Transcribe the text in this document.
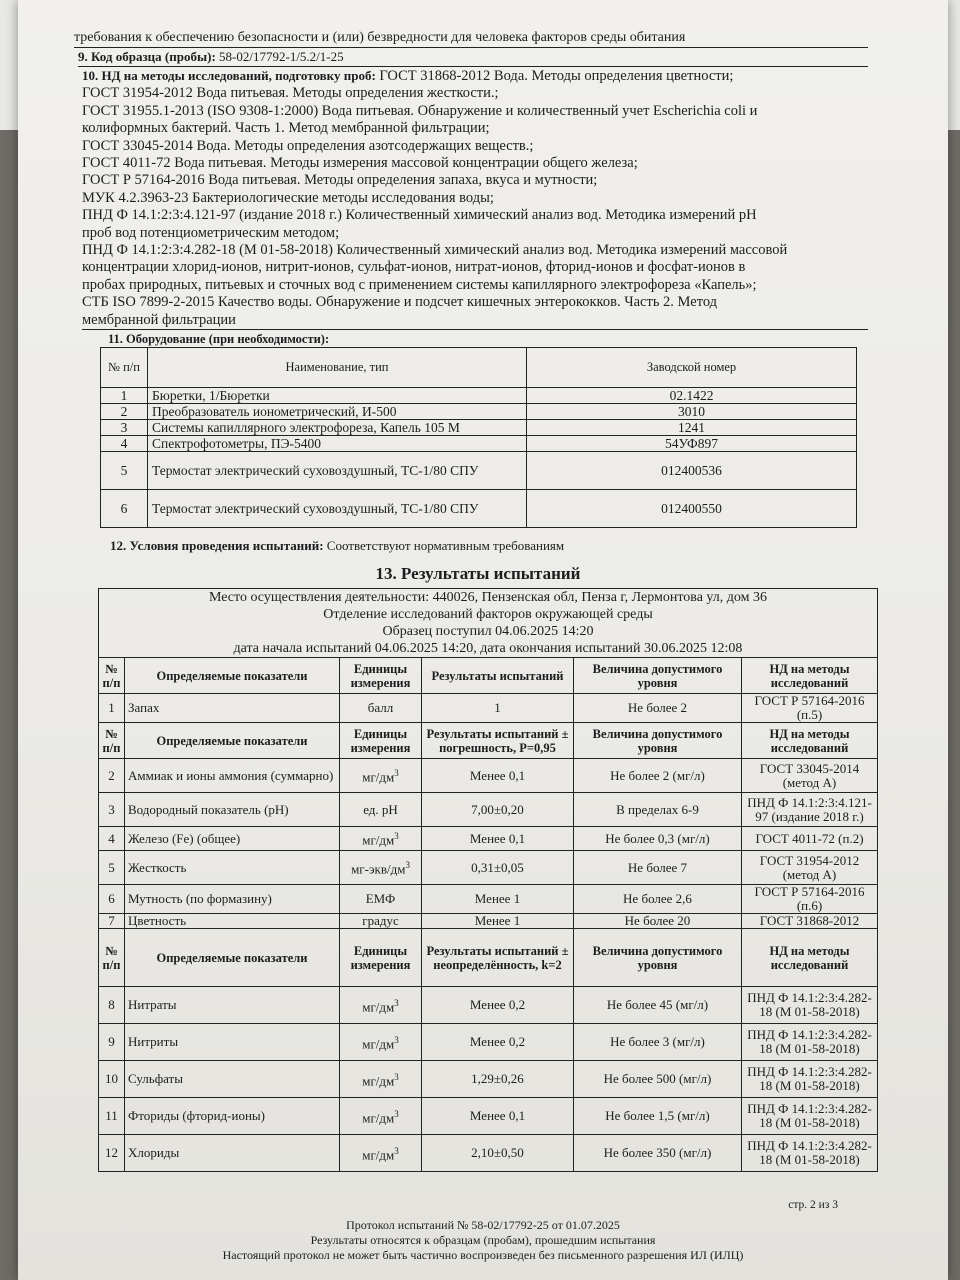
требования к обеспечению безопасности и (или) безвредности для человека факторов среды обитания
9. Код образца (пробы): 58-02/17792-1/5.2/1-25
10. НД на методы исследований, подготовку проб: ГОСТ 31868-2012 Вода. Методы определения цветности;
ГОСТ 31954-2012 Вода питьевая. Методы определения жесткости.;
ГОСТ 31955.1-2013 (ISO 9308-1:2000) Вода питьевая. Обнаружение и количественный учет Escherichia coli и
колиформных бактерий. Часть 1. Метод мембранной фильтрации;
ГОСТ 33045-2014 Вода. Методы определения азотсодержащих веществ.;
ГОСТ 4011-72 Вода питьевая. Методы измерения массовой концентрации общего железа;
ГОСТ Р 57164-2016 Вода питьевая. Методы определения запаха, вкуса и мутности;
МУК 4.2.3963-23 Бактериологические методы исследования воды;
ПНД Ф 14.1:2:3:4.121-97 (издание 2018 г.) Количественный химический анализ вод. Методика измерений pH
проб вод потенциометрическим методом;
ПНД Ф 14.1:2:3:4.282-18 (М 01-58-2018) Количественный химический анализ вод. Методика измерений массовой
концентрации хлорид-ионов, нитрит-ионов, сульфат-ионов, нитрат-ионов, фторид-ионов и фосфат-ионов в
пробах природных, питьевых и сточных вод с применением системы капиллярного электрофореза «Капель»;
СТБ ISO 7899-2-2015 Качество воды. Обнаружение и подсчет кишечных энтерококков. Часть 2. Метод
мембранной фильтрации
11. Оборудование (при необходимости):
№ п/п	Наименование, тип	Заводской номер
1	Бюретки, 1/Бюретки	02.1422
2	Преобразователь ионометрический, И-500	3010
3	Системы капиллярного электрофореза, Капель 105 М	1241
4	Спектрофотометры, ПЭ-5400	54УФ897
5	Термостат электрический суховоздушный, ТС-1/80 СПУ	012400536
6	Термостат электрический суховоздушный, ТС-1/80 СПУ	012400550
12. Условия проведения испытаний: Соответствуют нормативным требованиям
13. Результаты испытаний
Место осуществления деятельности: 440026, Пензенская обл, Пенза г, Лермонтова ул, дом 36
Отделение исследований факторов окружающей среды
Образец поступил 04.06.2025 14:20
дата начала испытаний 04.06.2025 14:20, дата окончания испытаний 30.06.2025 12:08					

№ п/п	Определяемые показатели	Единицы измерения	Результаты испытаний	Величина допустимого уровня	НД на методы исследований
1	Запах	балл	1	Не более 2	ГОСТ Р 57164-2016 (п.5)
№ п/п	Определяемые показатели	Единицы измерения	Результаты испытаний ± погрешность, P=0,95	Величина допустимого уровня	НД на методы исследований
2	Аммиак и ионы аммония (суммарно)	$мг/дм^3$	Менее 0,1	Не более 2 (мг/л)	ГОСТ 33045-2014 (метод А)
3	Водородный показатель (pH)	ед. pH	7,00±0,20	В пределах 6-9	ПНД Ф 14.1:2:3:4.121-97 (издание 2018 г.)
4	Железо (Fe) (общее)	$мг/дм^3$	Менее 0,1	Не более 0,3 (мг/л)	ГОСТ 4011-72 (п.2)
5	Жесткость	$мг-экв/дм^3$	0,31±0,05	Не более 7	ГОСТ 31954-2012 (метод А)
6	Мутность (по формазину)	ЕМФ	Менее 1	Не более 2,6	ГОСТ Р 57164-2016 (п.6)
7	Цветность	градус	Менее 1	Не более 20	ГОСТ 31868-2012
№ п/п	Определяемые показатели	Единицы измерения	Результаты испытаний ± неопределённость, k=2	Величина допустимого уровня	НД на методы исследований
8	Нитраты	$мг/дм^3$	Менее 0,2	Не более 45 (мг/л)	ПНД Ф 14.1:2:3:4.282-18 (М 01-58-2018)
9	Нитриты	$мг/дм^3$	Менее 0,2	Не более 3 (мг/л)	ПНД Ф 14.1:2:3:4.282-18 (М 01-58-2018)
10	Сульфаты	$мг/дм^3$	1,29±0,26	Не более 500 (мг/л)	ПНД Ф 14.1:2:3:4.282-18 (М 01-58-2018)
11	Фториды (фторид-ионы)	$мг/дм^3$	Менее 0,1	Не более 1,5 (мг/л)	ПНД Ф 14.1:2:3:4.282-18 (М 01-58-2018)
12	Хлориды	$мг/дм^3$	2,10±0,50	Не более 350 (мг/л)	ПНД Ф 14.1:2:3:4.282-18 (М 01-58-2018)
стр. 2 из 3
Протокол испытаний № 58-02/17792-25 от 01.07.2025
Результаты относятся к образцам (пробам), прошедшим испытания
Настоящий протокол не может быть частично воспроизведен без письменного разрешения ИЛ (ИЛЦ)
